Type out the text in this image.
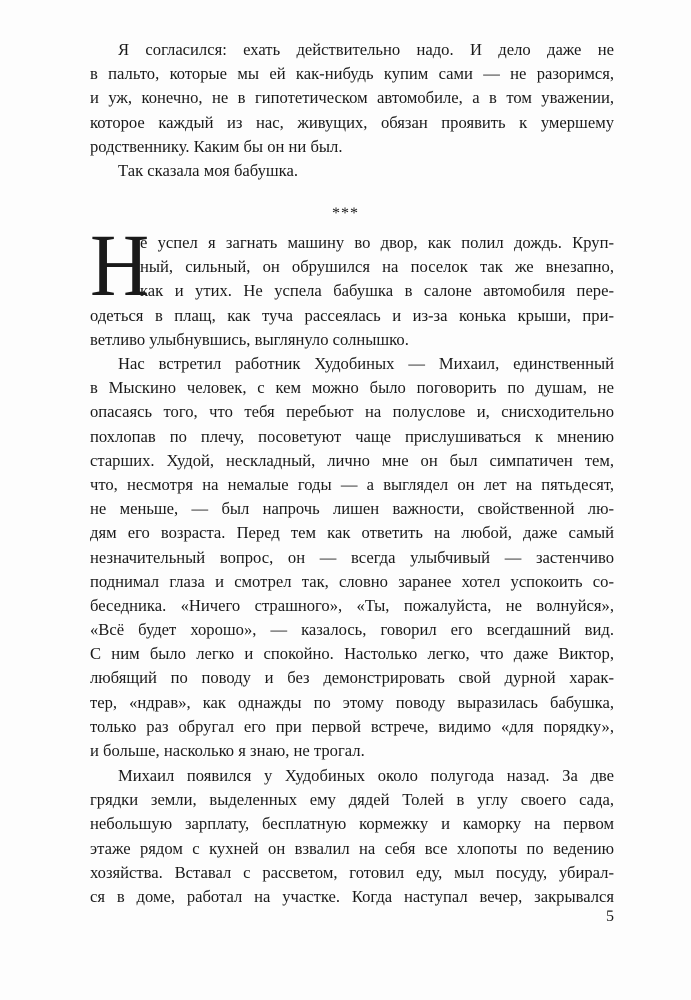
Я согласился: ехать действительно надо. И дело даже не
в пальто, которые мы ей как-нибудь купим сами — не разоримся,
и уж, конечно, не в гипотетическом автомобиле, а в том уважении,
которое каждый из нас, живущих, обязан проявить к умершему
родственнику. Каким бы он ни был.
Так сказала моя бабушка.
***
Н
е успел я загнать машину во двор, как полил дождь. Круп-
ный, сильный, он обрушился на поселок так же внезапно,
как и утих. Не успела бабушка в салоне автомобиля пере-
одеться в плащ, как туча рассеялась и из-за конька крыши, при-
ветливо улыбнувшись, выглянуло солнышко.
Нас встретил работник Худобиных — Михаил, единственный
в Мыскино человек, с кем можно было поговорить по душам, не
опасаясь того, что тебя перебьют на полуслове и, снисходительно
похлопав по плечу, посоветуют чаще прислушиваться к мнению
старших. Худой, нескладный, лично мне он был симпатичен тем,
что, несмотря на немалые годы — а выглядел он лет на пятьдесят,
не меньше, — был напрочь лишен важности, свойственной лю-
дям его возраста. Перед тем как ответить на любой, даже самый
незначительный вопрос, он — всегда улыбчивый — застенчиво
поднимал глаза и смотрел так, словно заранее хотел успокоить со-
беседника. «Ничего страшного», «Ты, пожалуйста, не волнуйся»,
«Всё будет хорошо», — казалось, говорил его всегдашний вид.
С ним было легко и спокойно. Настолько легко, что даже Виктор,
любящий по поводу и без демонстрировать свой дурной харак-
тер, «ндрав», как однажды по этому поводу выразилась бабушка,
только раз обругал его при первой встрече, видимо «для порядку»,
и больше, насколько я знаю, не трогал.
Михаил появился у Худобиных около полугода назад. За две
грядки земли, выделенных ему дядей Толей в углу своего сада,
небольшую зарплату, бесплатную кормежку и каморку на первом
этаже рядом с кухней он взвалил на себя все хлопоты по ведению
хозяйства. Вставал с рассветом, готовил еду, мыл посуду, убирал-
ся в доме, работал на участке. Когда наступал вечер, закрывался
5
